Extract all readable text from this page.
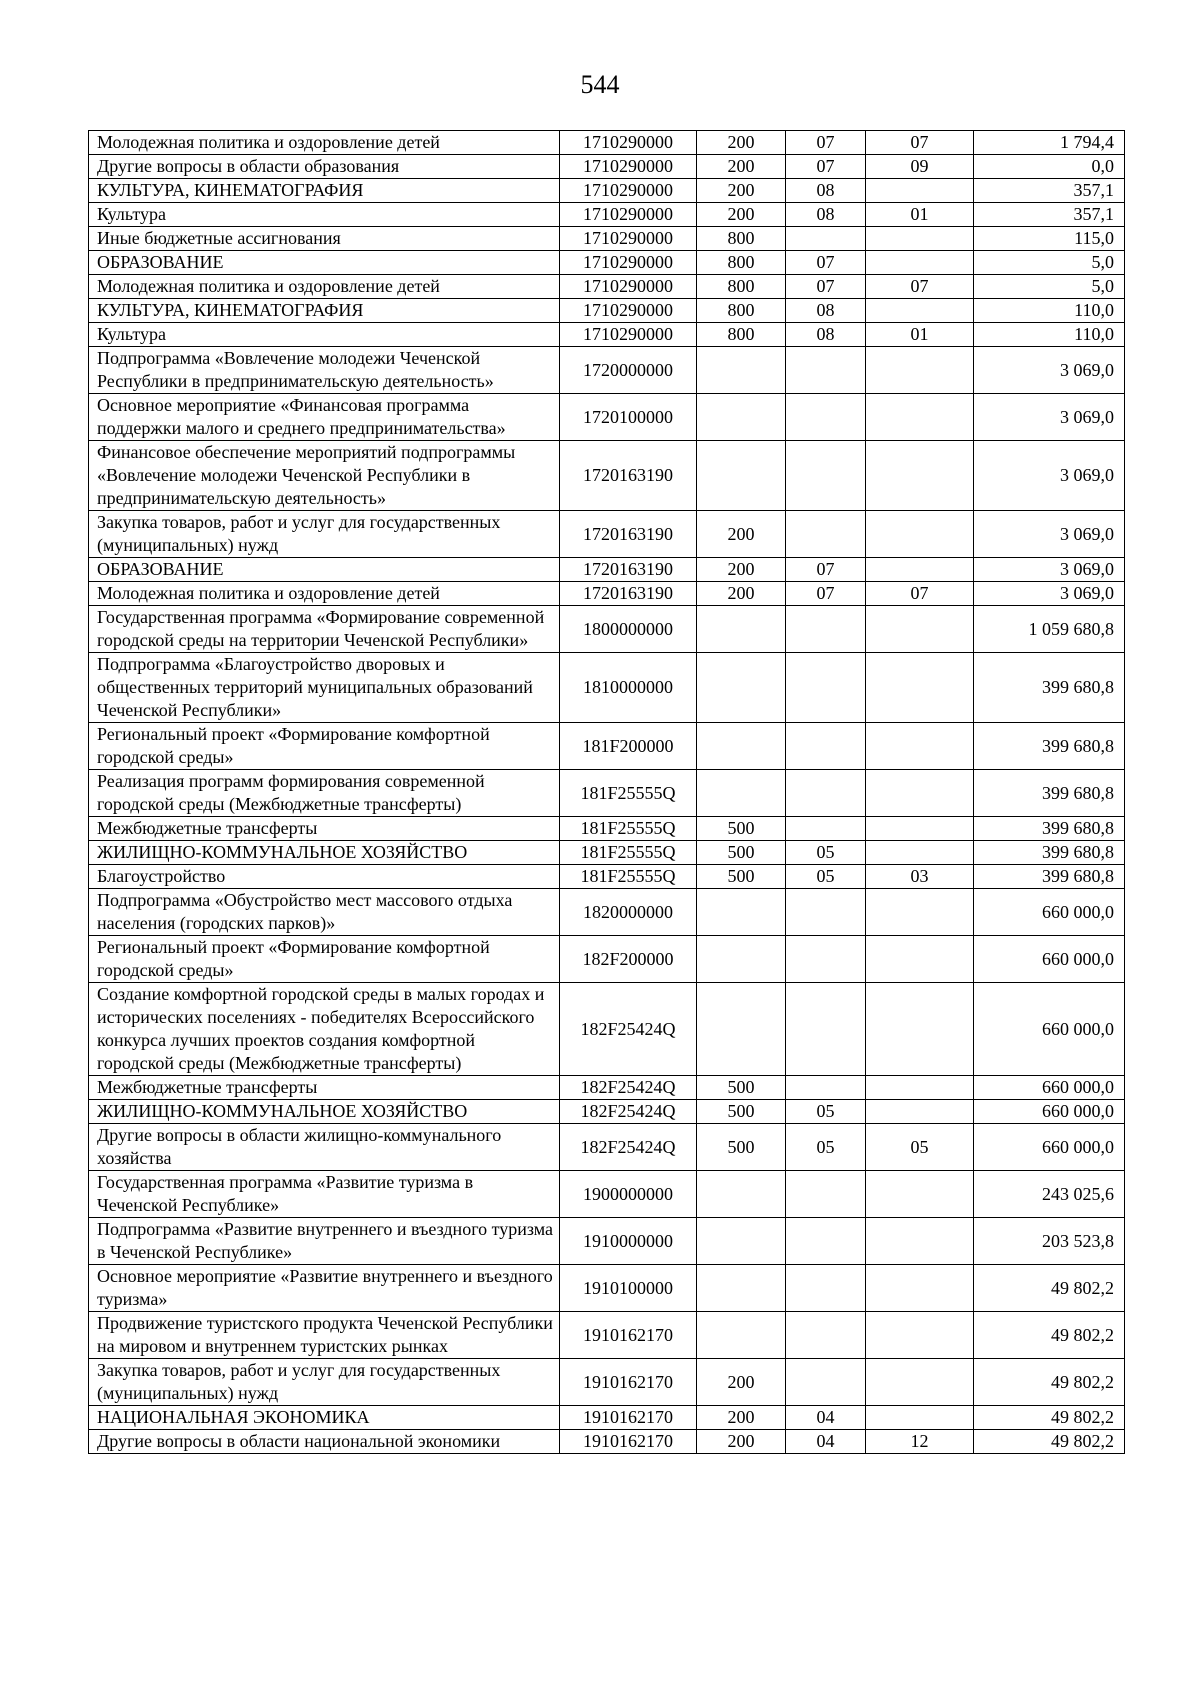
544
Молодежная политика и оздоровление детей	1710290000	200	07	07	1 794,4
Другие вопросы в области образования	1710290000	200	07	09	0,0
КУЛЬТУРА, КИНЕМАТОГРАФИЯ	1710290000	200	08		357,1
Культура	1710290000	200	08	01	357,1
Иные бюджетные ассигнования	1710290000	800			115,0
ОБРАЗОВАНИЕ	1710290000	800	07		5,0
Молодежная политика и оздоровление детей	1710290000	800	07	07	5,0
КУЛЬТУРА, КИНЕМАТОГРАФИЯ	1710290000	800	08		110,0
Культура	1710290000	800	08	01	110,0
Подпрограмма «Вовлечение молодежи Чеченской Республики в предпринимательскую деятельность»	1720000000				3 069,0
Основное мероприятие «Финансовая программа поддержки малого и среднего предпринимательства»	1720100000				3 069,0
Финансовое обеспечение мероприятий подпрограммы «Вовлечение молодежи Чеченской Республики в предпринимательскую деятельность»	1720163190				3 069,0
Закупка товаров, работ и услуг для государственных (муниципальных) нужд	1720163190	200			3 069,0
ОБРАЗОВАНИЕ	1720163190	200	07		3 069,0
Молодежная политика и оздоровление детей	1720163190	200	07	07	3 069,0
Государственная программа «Формирование современной городской среды на территории Чеченской Республики»	1800000000				1 059 680,8
Подпрограмма «Благоустройство дворовых и общественных территорий муниципальных образований Чеченской Республики»	1810000000				399 680,8
Региональный проект «Формирование комфортной городской среды»	181F200000				399 680,8
Реализация программ формирования современной городской среды (Межбюджетные трансферты)	181F25555Q				399 680,8
Межбюджетные трансферты	181F25555Q	500			399 680,8
ЖИЛИЩНО-КОММУНАЛЬНОЕ ХОЗЯЙСТВО	181F25555Q	500	05		399 680,8
Благоустройство	181F25555Q	500	05	03	399 680,8
Подпрограмма «Обустройство мест массового отдыха населения (городских парков)»	1820000000				660 000,0
Региональный проект «Формирование комфортной городской среды»	182F200000				660 000,0
Создание комфортной городской среды в малых городах и исторических поселениях - победителях Всероссийского конкурса лучших проектов создания комфортной городской среды (Межбюджетные трансферты)	182F25424Q				660 000,0
Межбюджетные трансферты	182F25424Q	500			660 000,0
ЖИЛИЩНО-КОММУНАЛЬНОЕ ХОЗЯЙСТВО	182F25424Q	500	05		660 000,0
Другие вопросы в области жилищно-коммунального хозяйства	182F25424Q	500	05	05	660 000,0
Государственная программа «Развитие туризма в Чеченской Республике»	1900000000				243 025,6
Подпрограмма «Развитие внутреннего и въездного туризма в Чеченской Республике»	1910000000				203 523,8
Основное мероприятие «Развитие внутреннего и въездного туризма»	1910100000				49 802,2
Продвижение туристского продукта Чеченской Республики на мировом и внутреннем туристских рынках	1910162170				49 802,2
Закупка товаров, работ и услуг для государственных (муниципальных) нужд	1910162170	200			49 802,2
НАЦИОНАЛЬНАЯ ЭКОНОМИКА	1910162170	200	04		49 802,2
Другие вопросы в области национальной экономики	1910162170	200	04	12	49 802,2
